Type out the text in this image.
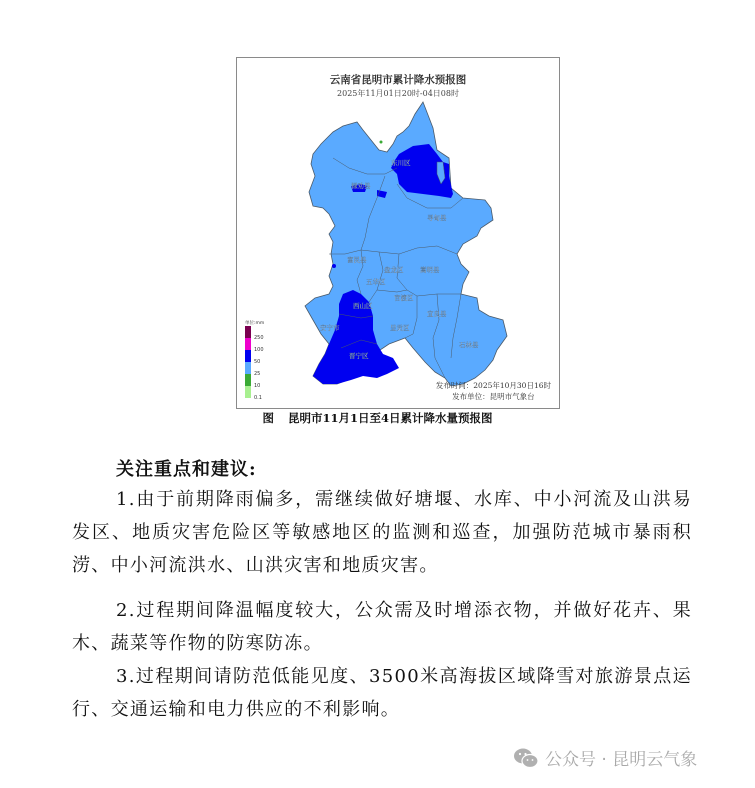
云南省昆明市累计降水预报图
2025年11月01日20时-04日08时
东川区
禄劝县
寻甸县
富民县
盘龙区	嵩明县
五华区
官渡区
西山区
宜良县
安宁市	呈贡区
石林县
晋宁区
单位:mm
250
100
50
25
10
0.1
发布时间：2025年10月30日16时
发布单位：昆明市气象台
图 昆明市11月1日至4日累计降水量预报图
关注重点和建议:
1.由于前期降雨偏多，需继续做好塘堰、水库、中小河流及山洪易发区、地质灾害危险区等敏感地区的监测和巡查，加强防范城市暴雨积涝、中小河流洪水、山洪灾害和地质灾害。
2.过程期间降温幅度较大，公众需及时增添衣物，并做好花卉、果木、蔬菜等作物的防寒防冻。
3.过程期间请防范低能见度、3500米高海拔区域降雪对旅游景点运行、交通运输和电力供应的不利影响。
公众号 · 昆明云气象
